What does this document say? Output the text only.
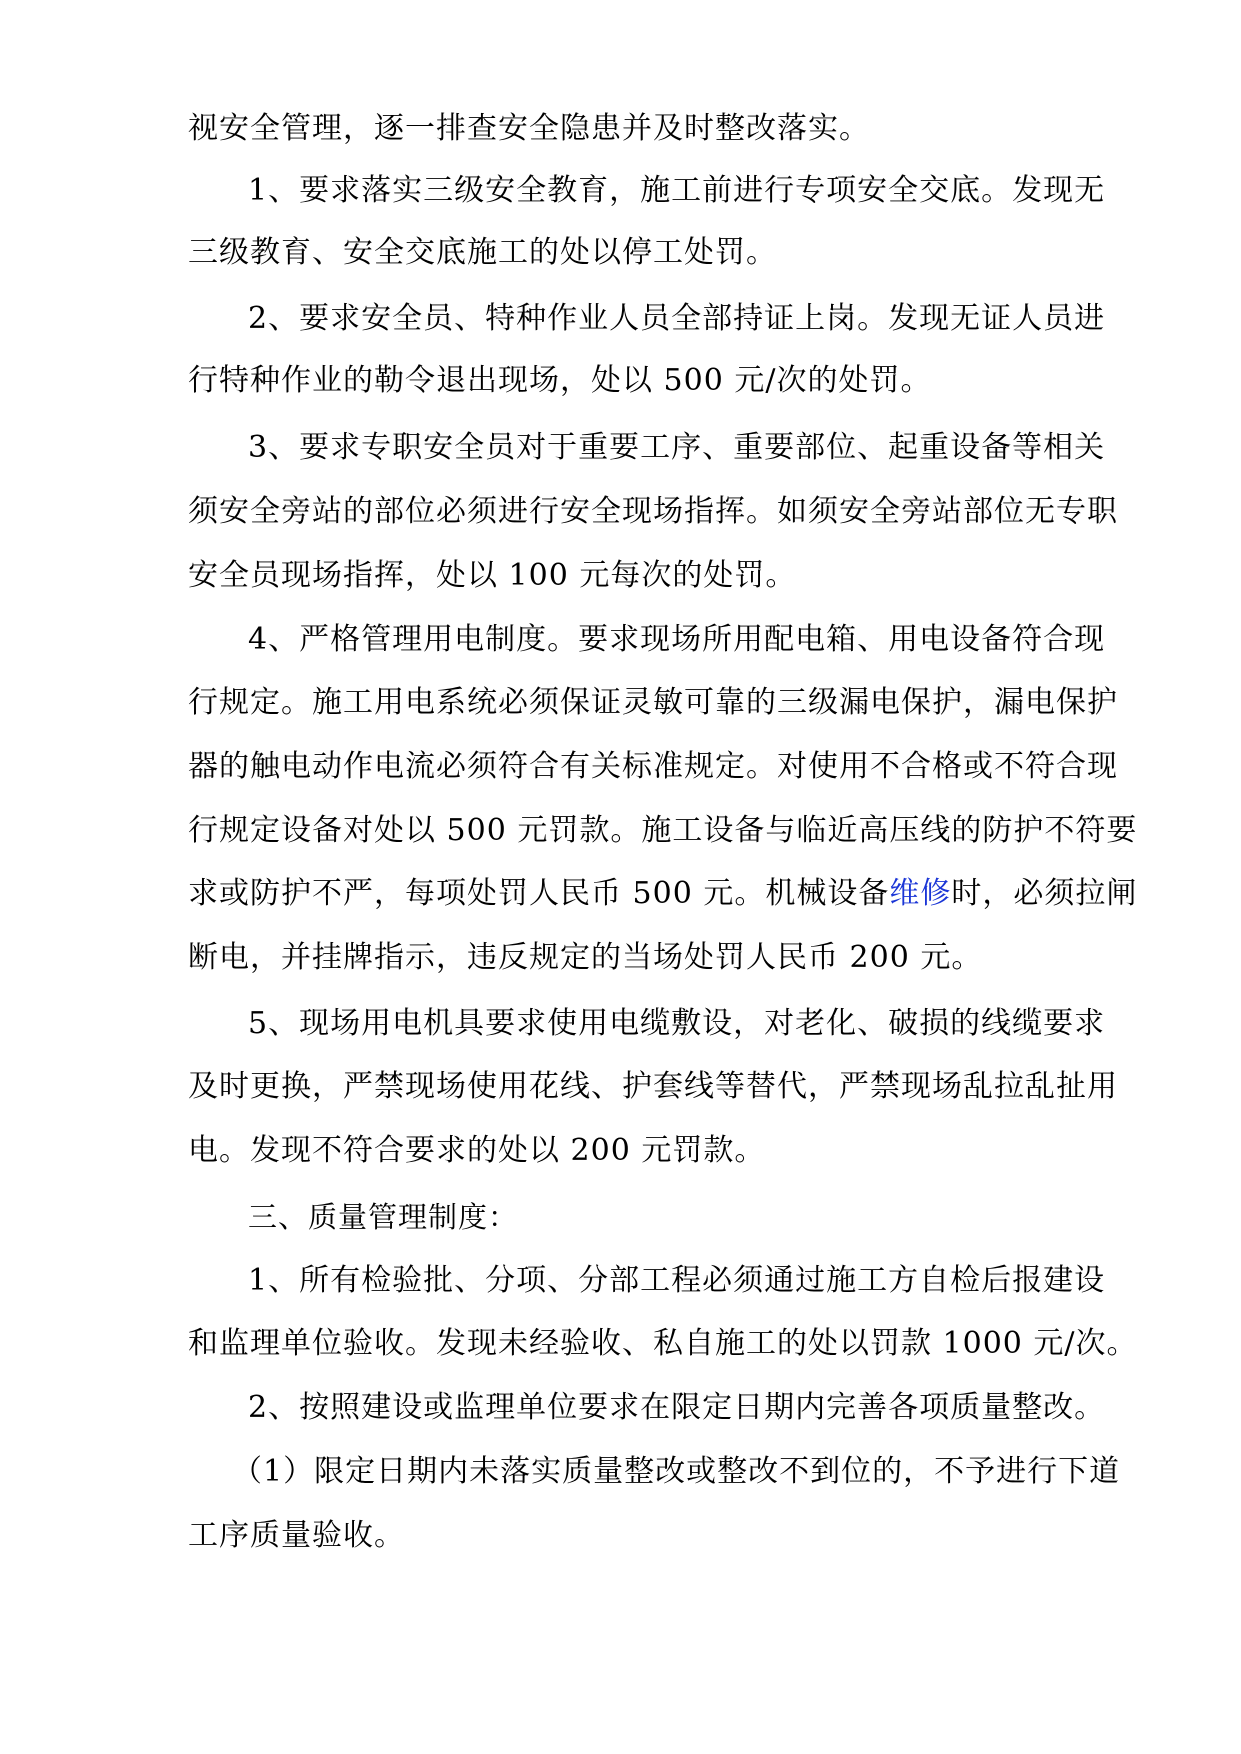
视安全管理，逐一排查安全隐患并及时整改落实。
1、要求落实三级安全教育，施工前进行专项安全交底。发现无
三级教育、安全交底施工的处以停工处罚。
2、要求安全员、特种作业人员全部持证上岗。发现无证人员进
行特种作业的勒令退出现场，处以 500 元/次的处罚。
3、要求专职安全员对于重要工序、重要部位、起重设备等相关
须安全旁站的部位必须进行安全现场指挥。如须安全旁站部位无专职
安全员现场指挥，处以 100 元每次的处罚。
4、严格管理用电制度。要求现场所用配电箱、用电设备符合现
行规定。施工用电系统必须保证灵敏可靠的三级漏电保护，漏电保护
器的触电动作电流必须符合有关标准规定。对使用不合格或不符合现
行规定设备对处以 500 元罚款。施工设备与临近高压线的防护不符要
求或防护不严，每项处罚人民币 500 元。机械设备维修时，必须拉闸
断电，并挂牌指示，违反规定的当场处罚人民币 200 元。
5、现场用电机具要求使用电缆敷设，对老化、破损的线缆要求
及时更换，严禁现场使用花线、护套线等替代，严禁现场乱拉乱扯用
电。发现不符合要求的处以 200 元罚款。
三、质量管理制度：
1、所有检验批、分项、分部工程必须通过施工方自检后报建设
和监理单位验收。发现未经验收、私自施工的处以罚款 1000 元/次。
2、按照建设或监理单位要求在限定日期内完善各项质量整改。
（1）限定日期内未落实质量整改或整改不到位的，不予进行下道
工序质量验收。
